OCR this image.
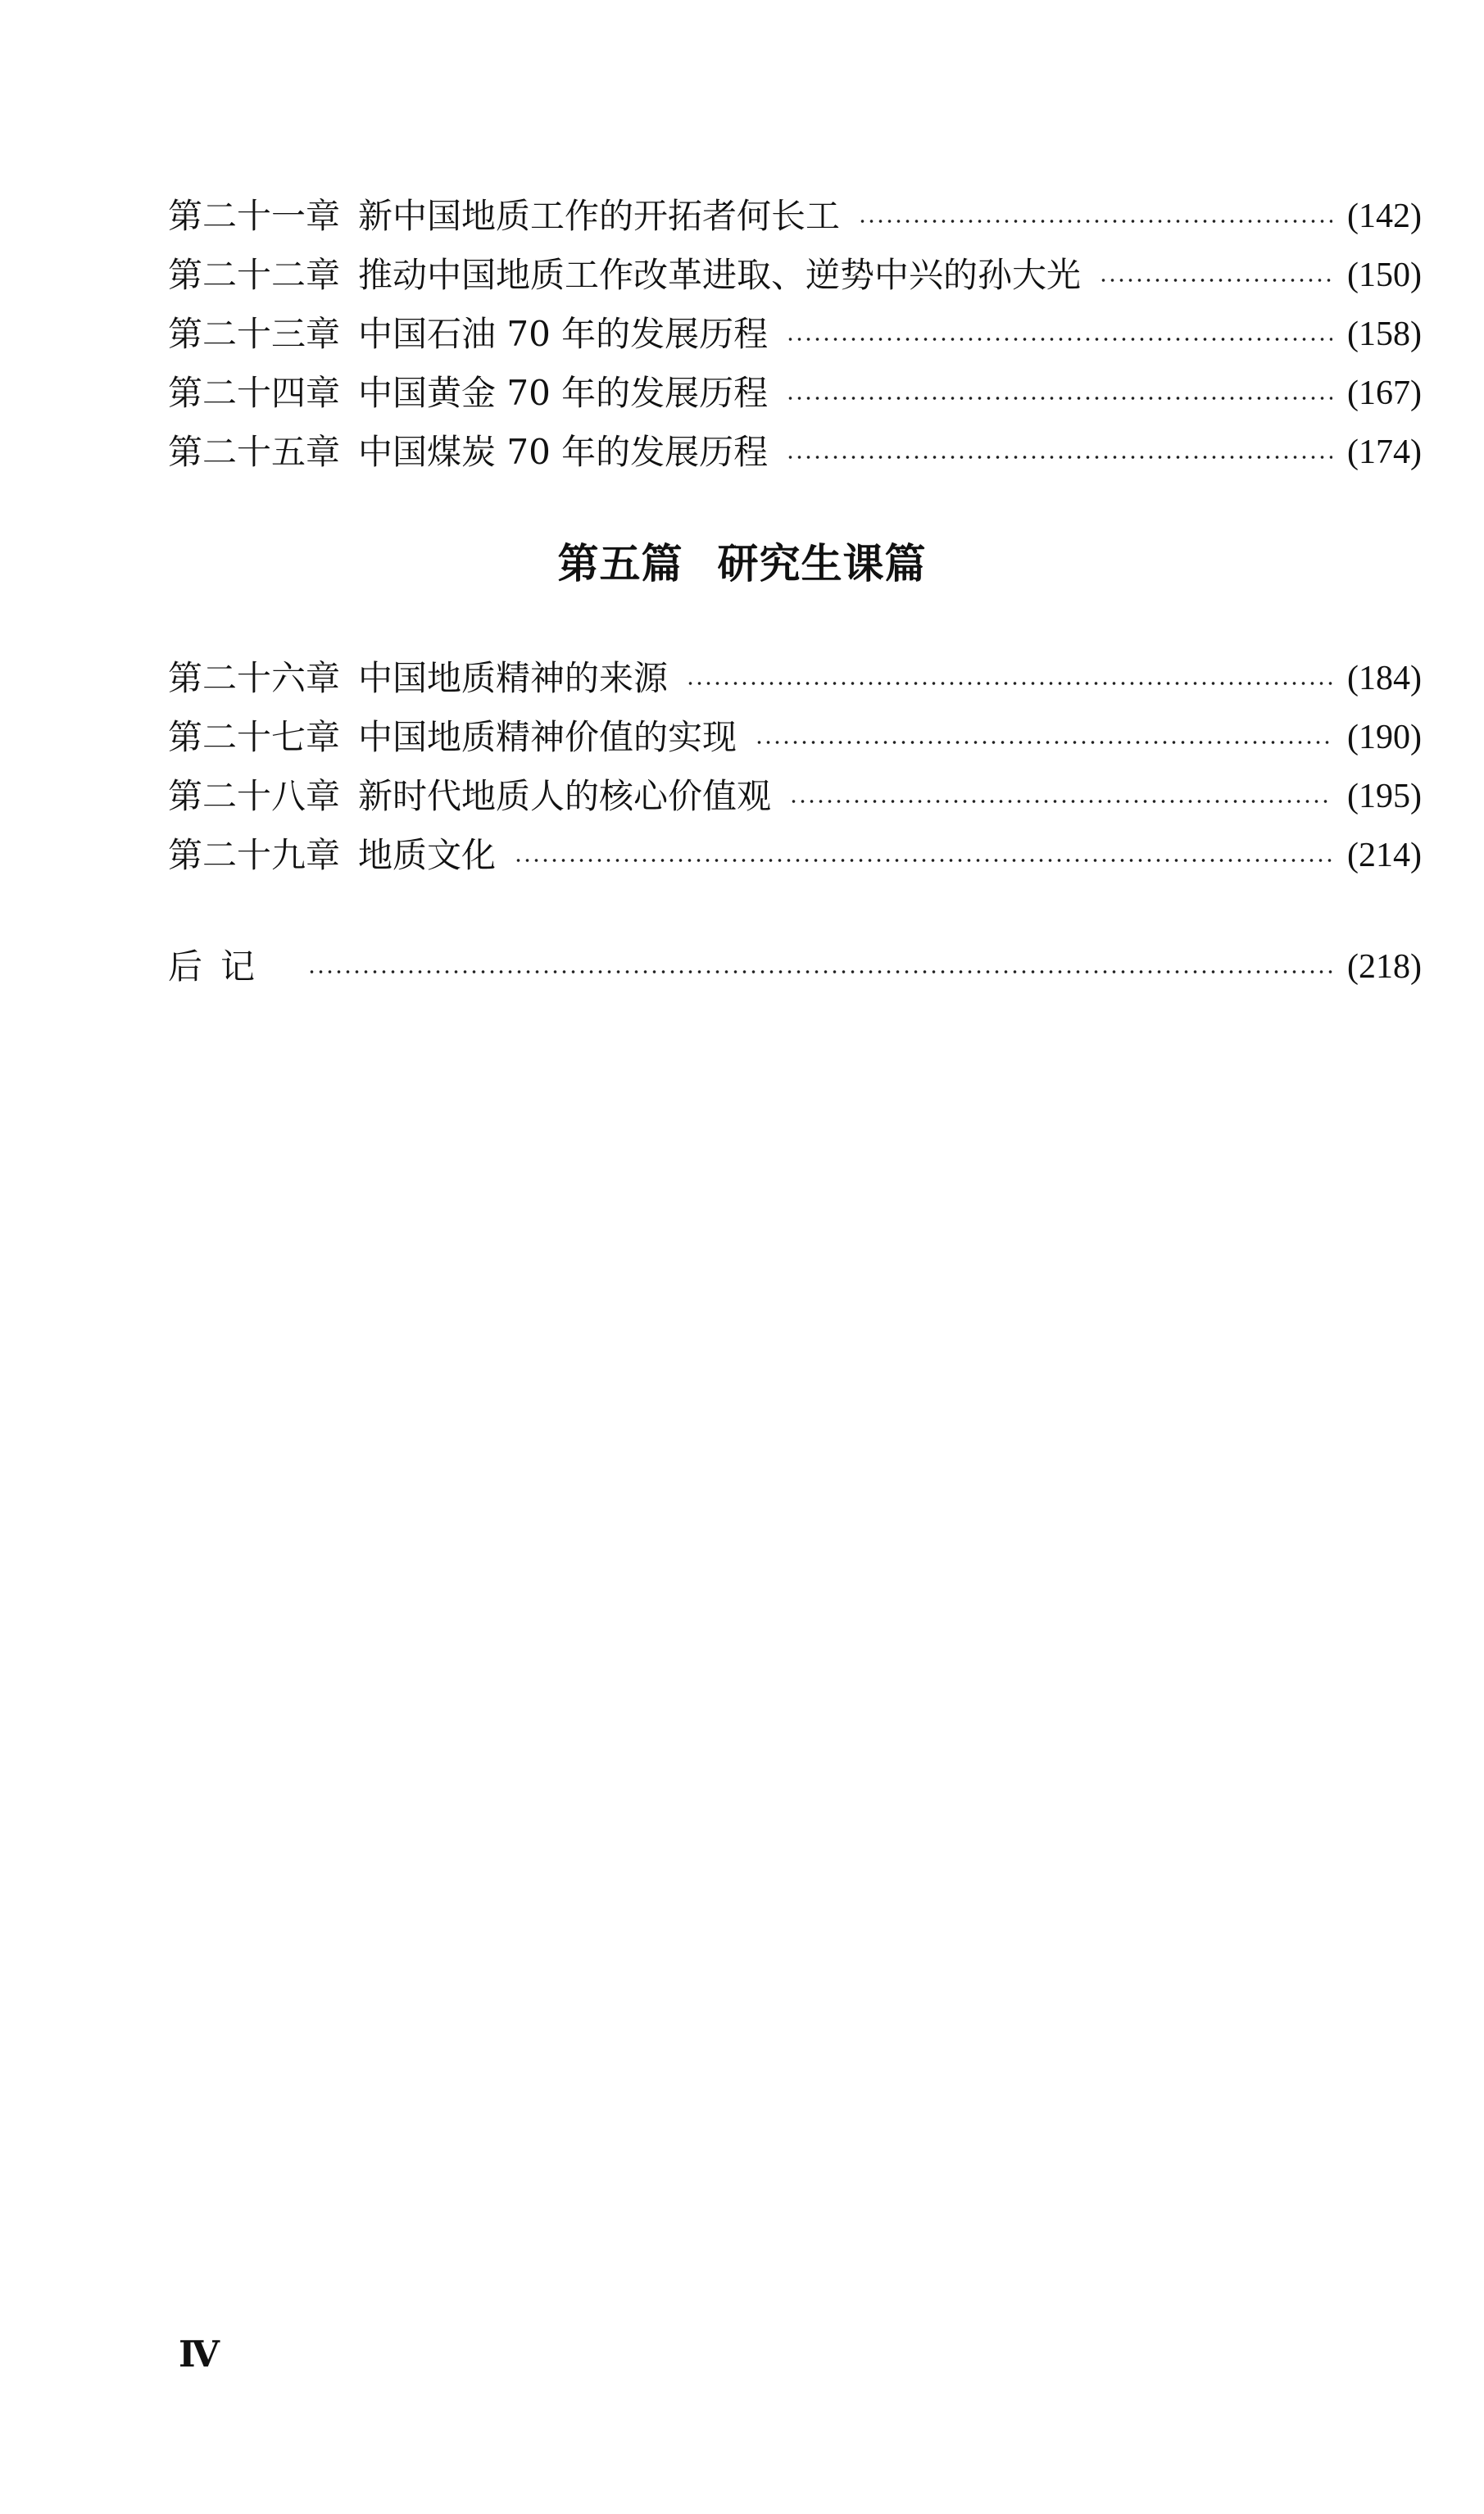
第二十一章 新中国地质工作的开拓者何长工	(142)
第二十二章 推动中国地质工作改革进取、逆势中兴的孙大光	(150)
第二十三章 中国石油 70 年的发展历程	(158)
第二十四章 中国黄金 70 年的发展历程	(167)
第二十五章 中国煤炭 70 年的发展历程	(174)
第五篇 研究生课篇
第二十六章 中国地质精神的来源	(184)
第二十七章 中国地质精神价值的实现	(190)
第二十八章 新时代地质人的核心价值观	(195)
第二十九章 地质文化	(214)
后记	(218)
Ⅳ
